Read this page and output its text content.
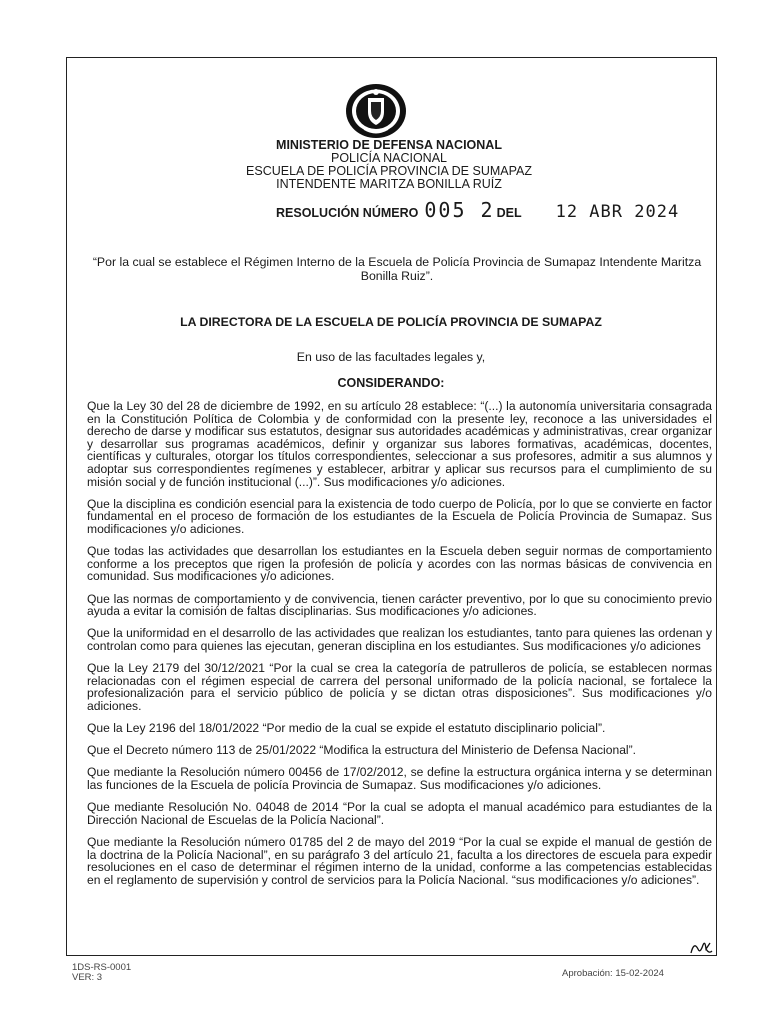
MINISTERIO DE DEFENSA NACIONAL
POLICÍA NACIONAL
ESCUELA DE POLICÍA PROVINCIA DE SUMAPAZ
INTENDENTE MARITZA BONILLA RUÍZ
RESOLUCIÓN NÚMERO 005 2 DEL 12 ABR 2024
“Por la cual se establece el Régimen Interno de la Escuela de Policía Provincia de Sumapaz Intendente Maritza Bonilla Ruiz”.
LA DIRECTORA DE LA ESCUELA DE POLICÍA PROVINCIA DE SUMAPAZ
En uso de las facultades legales y,
CONSIDERANDO:

Que la Ley 30 del 28 de diciembre de 1992, en su artículo 28 establece: “(...) la autonomía universitaria consagrada en la Constitución Política de Colombia y de conformidad con la presente ley, reconoce a las universidades el derecho de darse y modificar sus estatutos, designar sus autoridades académicas y administrativas, crear organizar y desarrollar sus programas académicos, definir y organizar sus labores formativas, académicas, docentes, científicas y culturales, otorgar los títulos correspondientes, seleccionar a sus profesores, admitir a sus alumnos y adoptar sus correspondientes regímenes y establecer, arbitrar y aplicar sus recursos para el cumplimiento de su misión social y de función institucional (...)”. Sus modificaciones y/o adiciones.

Que la disciplina es condición esencial para la existencia de todo cuerpo de Policía, por lo que se convierte en factor fundamental en el proceso de formación de los estudiantes de la Escuela de Policía Provincia de Sumapaz. Sus modificaciones y/o adiciones.

Que todas las actividades que desarrollan los estudiantes en la Escuela deben seguir normas de comportamiento conforme a los preceptos que rigen la profesión de policía y acordes con las normas básicas de convivencia en comunidad. Sus modificaciones y/o adiciones.

Que las normas de comportamiento y de convivencia, tienen carácter preventivo, por lo que su conocimiento previo ayuda a evitar la comisión de faltas disciplinarias. Sus modificaciones y/o adiciones.

Que la uniformidad en el desarrollo de las actividades que realizan los estudiantes, tanto para quienes las ordenan y controlan como para quienes las ejecutan, generan disciplina en los estudiantes. Sus modificaciones y/o adiciones

Que la Ley 2179 del 30/12/2021 “Por la cual se crea la categoría de patrulleros de policía, se establecen normas relacionadas con el régimen especial de carrera del personal uniformado de la policía nacional, se fortalece la profesionalización para el servicio público de policía y se dictan otras disposiciones”. Sus modificaciones y/o adiciones.

Que la Ley 2196 del 18/01/2022 “Por medio de la cual se expide el estatuto disciplinario policial”.

Que el Decreto número 113 de 25/01/2022 “Modifica la estructura del Ministerio de Defensa Nacional”.

Que mediante la Resolución número 00456 de 17/02/2012, se define la estructura orgánica interna y se determinan las funciones de la Escuela de policía Provincia de Sumapaz. Sus modificaciones y/o adiciones.

Que mediante Resolución No. 04048 de 2014 “Por la cual se adopta el manual académico para estudiantes de la Dirección Nacional de Escuelas de la Policía Nacional”.

Que mediante la Resolución número 01785 del 2 de mayo del 2019 “Por la cual se expide el manual de gestión de la doctrina de la Policía Nacional”, en su parágrafo 3 del artículo 21, faculta a los directores de escuela para expedir resoluciones en el caso de determinar el régimen interno de la unidad, conforme a las competencias establecidas en el reglamento de supervisión y control de servicios para la Policía Nacional. “sus modificaciones y/o adiciones”.

1DS-RS-0001
VER: 3	Aprobación: 15-02-2024
